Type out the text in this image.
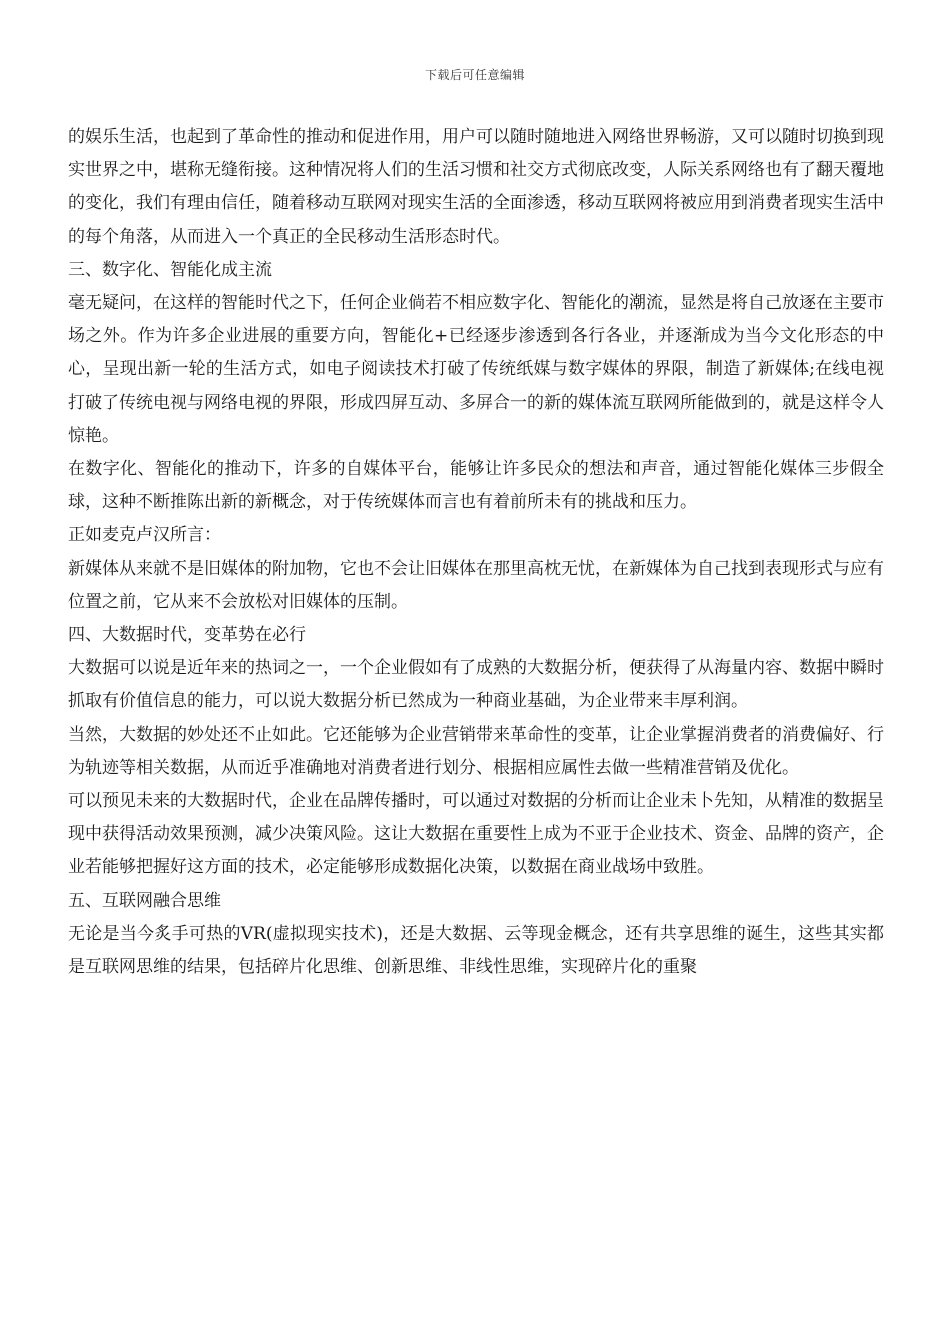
下载后可任意编辑

的娱乐生活，也起到了革命性的推动和促进作用，用户可以随时随地进入网络世界畅游，又可以随时切换到现实世界之中，堪称无缝衔接。这种情况将人们的生活习惯和社交方式彻底改变，人际关系网络也有了翻天覆地的变化，我们有理由信任，随着移动互联网对现实生活的全面渗透，移动互联网将被应用到消费者现实生活中的每个角落，从而进入一个真正的全民移动生活形态时代。

三、数字化、智能化成主流

毫无疑问，在这样的智能时代之下，任何企业倘若不相应数字化、智能化的潮流，显然是将自己放逐在主要市场之外。作为许多企业进展的重要方向，智能化+已经逐步渗透到各行各业，并逐渐成为当今文化形态的中心，呈现出新一轮的生活方式，如电子阅读技术打破了传统纸媒与数字媒体的界限，制造了新媒体;在线电视打破了传统电视与网络电视的界限，形成四屏互动、多屏合一的新的媒体流互联网所能做到的，就是这样令人惊艳。

在数字化、智能化的推动下，许多的自媒体平台，能够让许多民众的想法和声音，通过智能化媒体三步假全球，这种不断推陈出新的新概念，对于传统媒体而言也有着前所未有的挑战和压力。

正如麦克卢汉所言：

新媒体从来就不是旧媒体的附加物，它也不会让旧媒体在那里高枕无忧，在新媒体为自己找到表现形式与应有位置之前，它从来不会放松对旧媒体的压制。

四、大数据时代，变革势在必行

大数据可以说是近年来的热词之一，一个企业假如有了成熟的大数据分析，便获得了从海量内容、数据中瞬时抓取有价值信息的能力，可以说大数据分析已然成为一种商业基础，为企业带来丰厚利润。

当然，大数据的妙处还不止如此。它还能够为企业营销带来革命性的变革，让企业掌握消费者的消费偏好、行为轨迹等相关数据，从而近乎准确地对消费者进行划分、根据相应属性去做一些精准营销及优化。

可以预见未来的大数据时代，企业在品牌传播时，可以通过对数据的分析而让企业未卜先知，从精准的数据呈现中获得活动效果预测，减少决策风险。这让大数据在重要性上成为不亚于企业技术、资金、品牌的资产，企业若能够把握好这方面的技术，必定能够形成数据化决策，以数据在商业战场中致胜。

五、互联网融合思维

无论是当今炙手可热的VR(虚拟现实技术)，还是大数据、云等现金概念，还有共享思维的诞生，这些其实都是互联网思维的结果，包括碎片化思维、创新思维、非线性思维，实现碎片化的重聚
